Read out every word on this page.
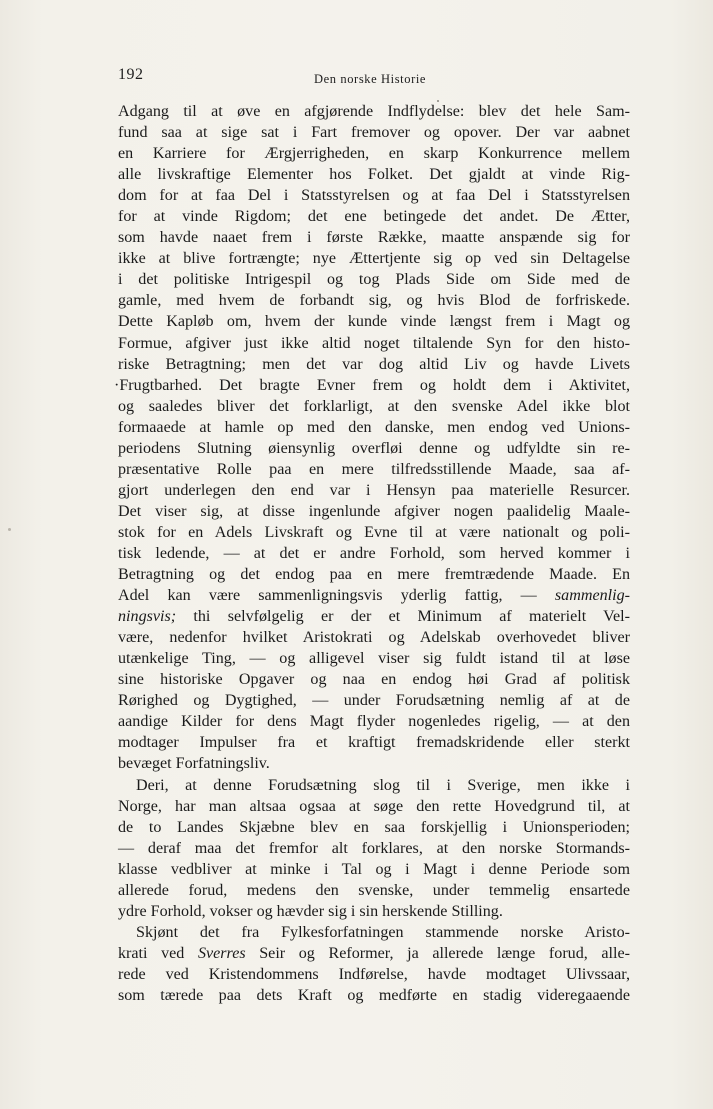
192	Den norske Historie
Adgang til at øve en afgjørende Indflydelse: blev det hele Sam-
fund saa at sige sat i Fart fremover og opover. Der var aabnet
en Karriere for Ærgjerrigheden, en skarp Konkurrence mellem
alle livskraftige Elementer hos Folket. Det gjaldt at vinde Rig-
dom for at faa Del i Statsstyrelsen og at faa Del i Statsstyrelsen
for at vinde Rigdom; det ene betingede det andet. De Ætter,
som havde naaet frem i første Række, maatte anspænde sig for
ikke at blive fortrængte; nye Ættertjente sig op ved sin Deltagelse
i det politiske Intrigespil og tog Plads Side om Side med de
gamle, med hvem de forbandt sig, og hvis Blod de forfriskede.
Dette Kapløb om, hvem der kunde vinde længst frem i Magt og
Formue, afgiver just ikke altid noget tiltalende Syn for den histo-
riske Betragtning; men det var dog altid Liv og havde Livets
·Frugtbarhed. Det bragte Evner frem og holdt dem i Aktivitet,
og saaledes bliver det forklarligt, at den svenske Adel ikke blot
formaaede at hamle op med den danske, men endog ved Unions-
periodens Slutning øiensynlig overfløi denne og udfyldte sin re-
præsentative Rolle paa en mere tilfredsstillende Maade, saa af-
gjort underlegen den end var i Hensyn paa materielle Resurcer.
Det viser sig, at disse ingenlunde afgiver nogen paalidelig Maale-
stok for en Adels Livskraft og Evne til at være nationalt og poli-
tisk ledende, — at det er andre Forhold, som herved kommer i
Betragtning og det endog paa en mere fremtrædende Maade. En
Adel kan være sammenligningsvis yderlig fattig, — sammenlig-
ningsvis; thi selvfølgelig er der et Minimum af materielt Vel-
være, nedenfor hvilket Aristokrati og Adelskab overhovedet bliver
utænkelige Ting, — og alligevel viser sig fuldt istand til at løse
sine historiske Opgaver og naa en endog høi Grad af politisk
Rørighed og Dygtighed, — under Forudsætning nemlig af at de
aandige Kilder for dens Magt flyder nogenledes rigelig, — at den
modtager Impulser fra et kraftigt fremadskridende eller sterkt
bevæget Forfatningsliv.
Deri, at denne Forudsætning slog til i Sverige, men ikke i
Norge, har man altsaa ogsaa at søge den rette Hovedgrund til, at
de to Landes Skjæbne blev en saa forskjellig i Unionsperioden;
— deraf maa det fremfor alt forklares, at den norske Stormands-
klasse vedbliver at minke i Tal og i Magt i denne Periode som
allerede forud, medens den svenske, under temmelig ensartede
ydre Forhold, vokser og hævder sig i sin herskende Stilling.
Skjønt det fra Fylkesforfatningen stammende norske Aristo-
krati ved Sverres Seir og Reformer, ja allerede længe forud, alle-
rede ved Kristendommens Indførelse, havde modtaget Ulivssaar,
som tærede paa dets Kraft og medførte en stadig videregaaende
